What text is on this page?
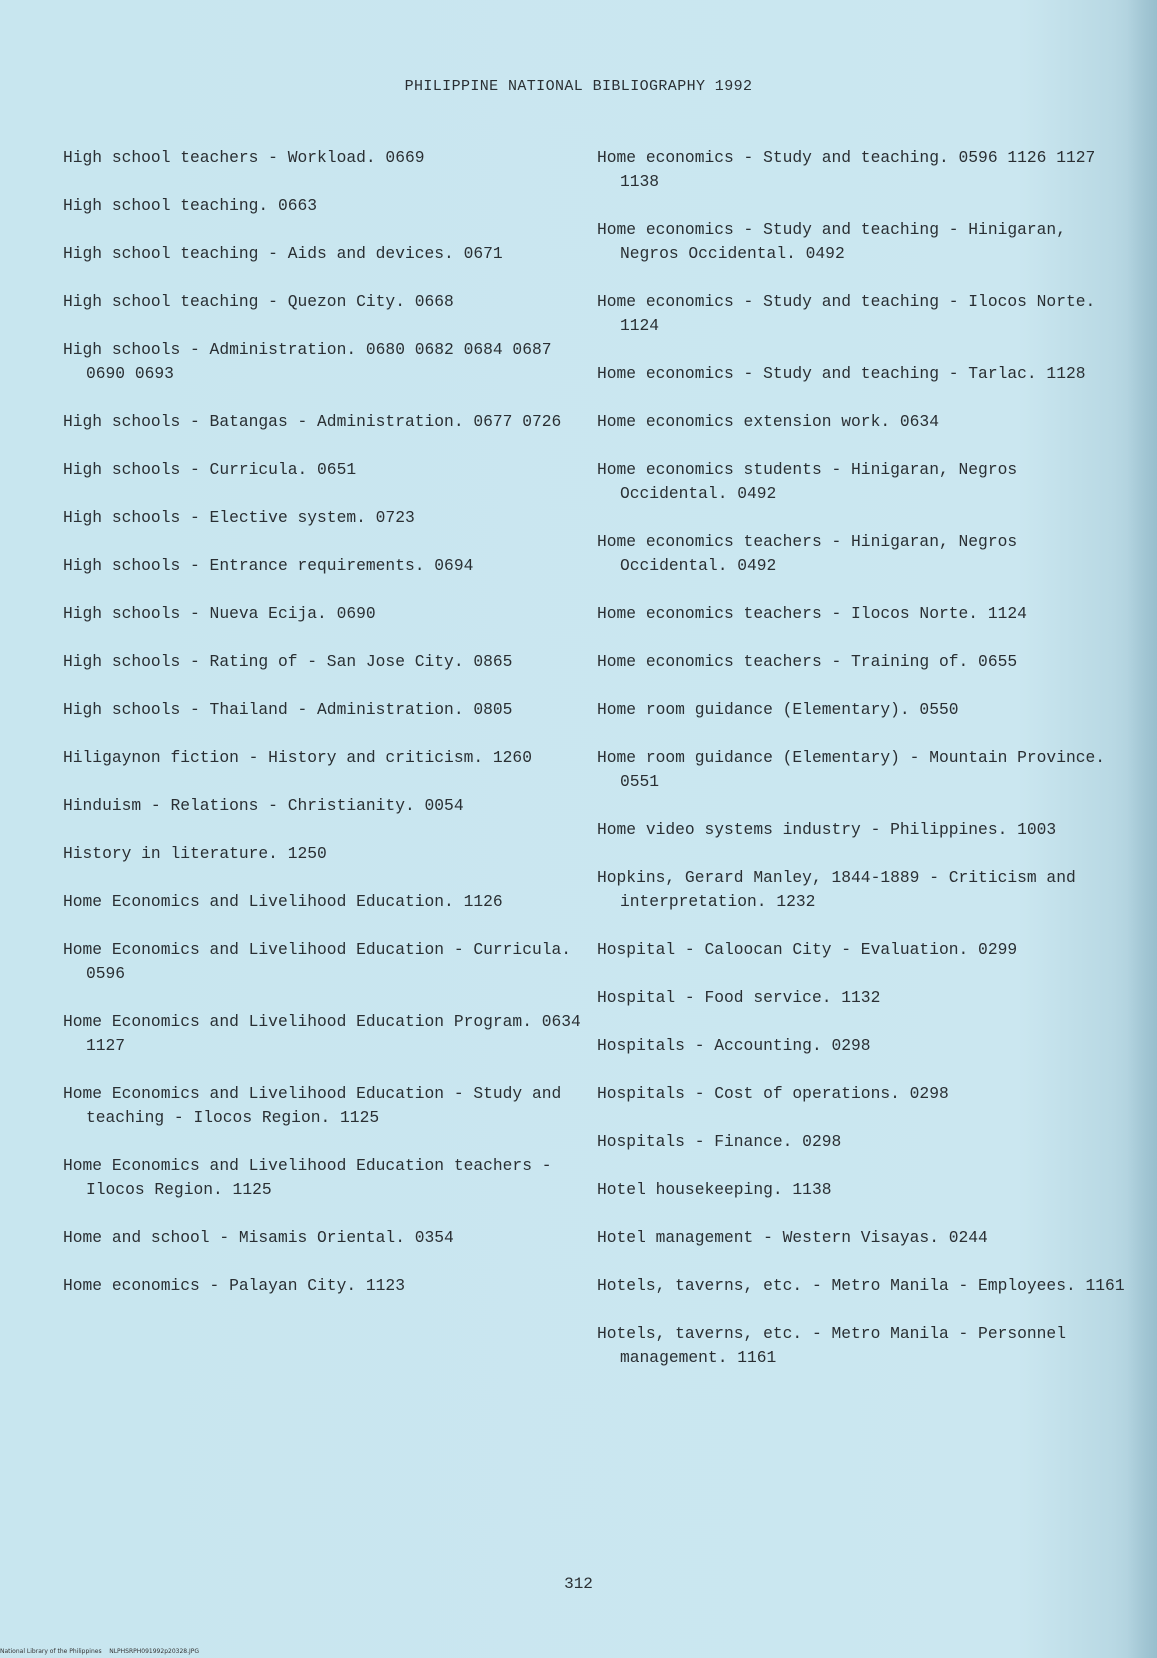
PHILIPPINE NATIONAL BIBLIOGRAPHY 1992
High school teachers - Workload. 0669
High school teaching. 0663
High school teaching - Aids and devices. 0671
High school teaching - Quezon City. 0668
High schools - Administration. 0680 0682 0684 0687 0690 0693
High schools - Batangas - Administration. 0677 0726
High schools - Curricula. 0651
High schools - Elective system. 0723
High schools - Entrance requirements. 0694
High schools - Nueva Ecija. 0690
High schools - Rating of - San Jose City. 0865
High schools - Thailand - Administration. 0805
Hiligaynon fiction - History and criticism. 1260
Hinduism - Relations - Christianity. 0054
History in literature. 1250
Home Economics and Livelihood Education. 1126
Home Economics and Livelihood Education - Curricula. 0596
Home Economics and Livelihood Education Program. 0634 1127
Home Economics and Livelihood Education - Study and teaching - Ilocos Region. 1125
Home Economics and Livelihood Education teachers - Ilocos Region. 1125
Home and school - Misamis Oriental. 0354
Home economics - Palayan City. 1123
Home economics - Study and teaching. 0596 1126 1127 1138
Home economics - Study and teaching - Hinigaran, Negros Occidental. 0492
Home economics - Study and teaching - Ilocos Norte. 1124
Home economics - Study and teaching - Tarlac. 1128
Home economics extension work. 0634
Home economics students - Hinigaran, Negros Occidental. 0492
Home economics teachers - Hinigaran, Negros Occidental. 0492
Home economics teachers - Ilocos Norte. 1124
Home economics teachers - Training of. 0655
Home room guidance (Elementary). 0550
Home room guidance (Elementary) - Mountain Province. 0551
Home video systems industry - Philippines. 1003
Hopkins, Gerard Manley, 1844-1889 - Criticism and interpretation. 1232
Hospital - Caloocan City - Evaluation. 0299
Hospital - Food service. 1132
Hospitals - Accounting. 0298
Hospitals - Cost of operations. 0298
Hospitals - Finance. 0298
Hotel housekeeping. 1138
Hotel management - Western Visayas. 0244
Hotels, taverns, etc. - Metro Manila - Employees. 1161
Hotels, taverns, etc. - Metro Manila - Personnel management. 1161
312
National Library of the Philippines NLPHSRPH091992p20328.JPG
